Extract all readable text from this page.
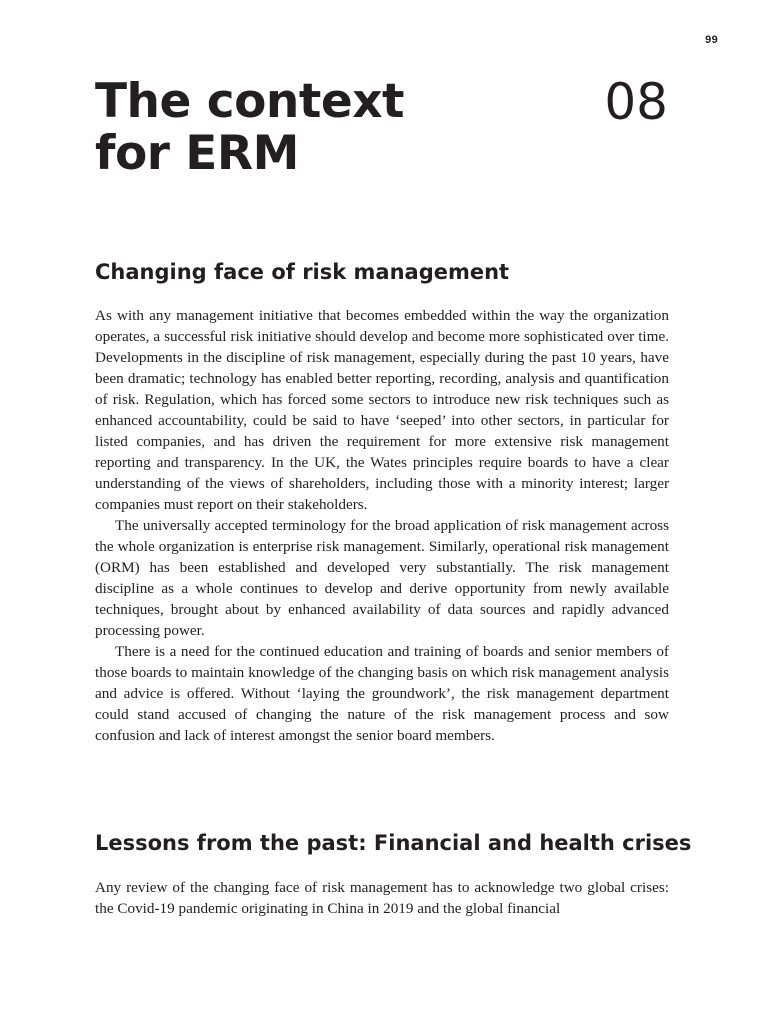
99
The context
for ERM
08
Changing face of risk management

As with any management initiative that becomes embedded within the way the organization operates, a successful risk initiative should develop and become more sophisticated over time. Developments in the discipline of risk management, especially during the past 10 years, have been dramatic; technology has enabled better reporting, recording, analysis and quantification of risk. Regulation, which has forced some sectors to introduce new risk techniques such as enhanced accountability, could be said to have ‘seeped’ into other sectors, in particular for listed companies, and has driven the requirement for more extensive risk management reporting and transparency. In the UK, the Wates principles require boards to have a clear understanding of the views of shareholders, including those with a minority interest; larger companies must report on their stakeholders.

The universally accepted terminology for the broad application of risk management across the whole organization is enterprise risk management. Similarly, operational risk management (ORM) has been established and developed very substantially. The risk management discipline as a whole continues to develop and derive opportunity from newly available techniques, brought about by enhanced availability of data sources and rapidly advanced processing power.

There is a need for the continued education and training of boards and senior members of those boards to maintain knowledge of the changing basis on which risk management analysis and advice is offered. Without ‘laying the groundwork’, the risk management department could stand accused of changing the nature of the risk management process and sow confusion and lack of interest amongst the senior board members.

Lessons from the past: Financial and health crises

Any review of the changing face of risk management has to acknowledge two global crises: the Covid-19 pandemic originating in China in 2019 and the global financial
